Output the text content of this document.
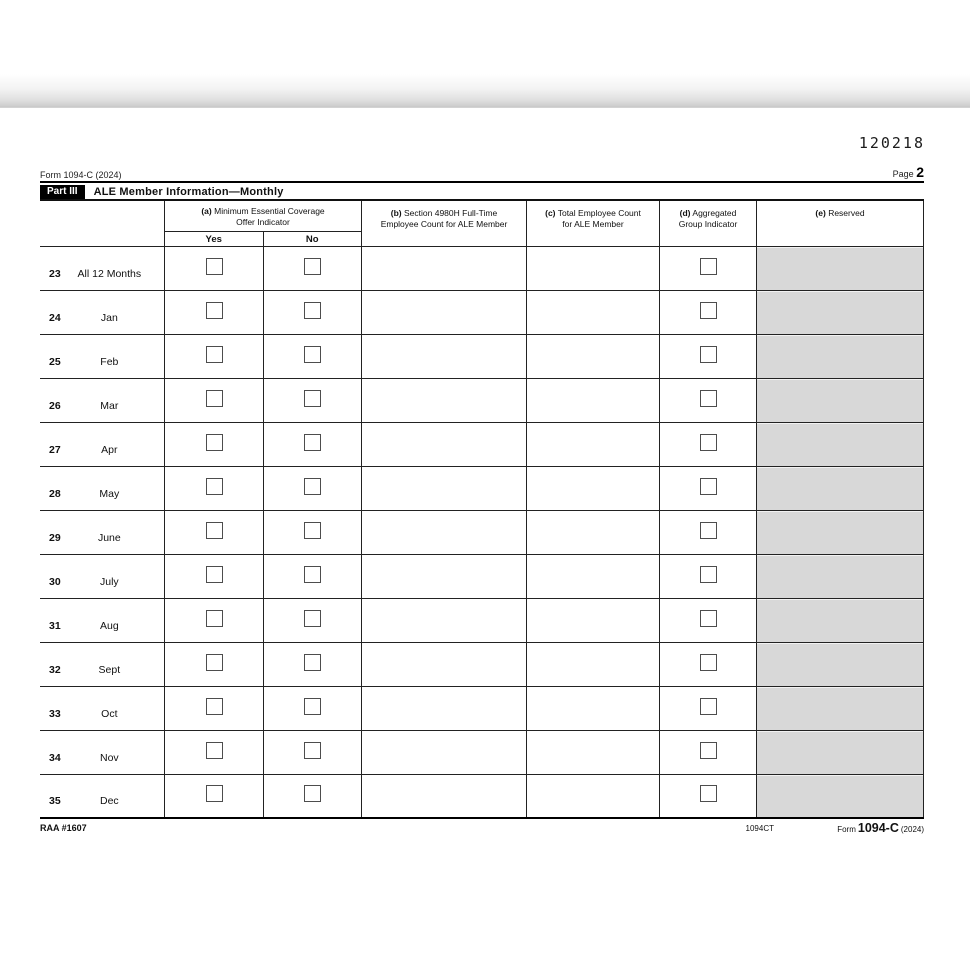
120218
Form 1094-C (2024)	Page 2
Part III	ALE Member Information—Monthly
(a) Minimum Essential Coverage
Offer Indicator
Yes	No
(b) Section 4980H Full-Time
Employee Count for ALE Member
(c) Total Employee Count
for ALE Member
(d) Aggregated
Group Indicator
(e) Reserved
23	All 12 Months
24	Jan
25	Feb
26	Mar
27	Apr
28	May
29	June
30	July
31	Aug
32	Sept
33	Oct
34	Nov
35	Dec
RAA #1607	1094CT	Form 1094-C (2024)
